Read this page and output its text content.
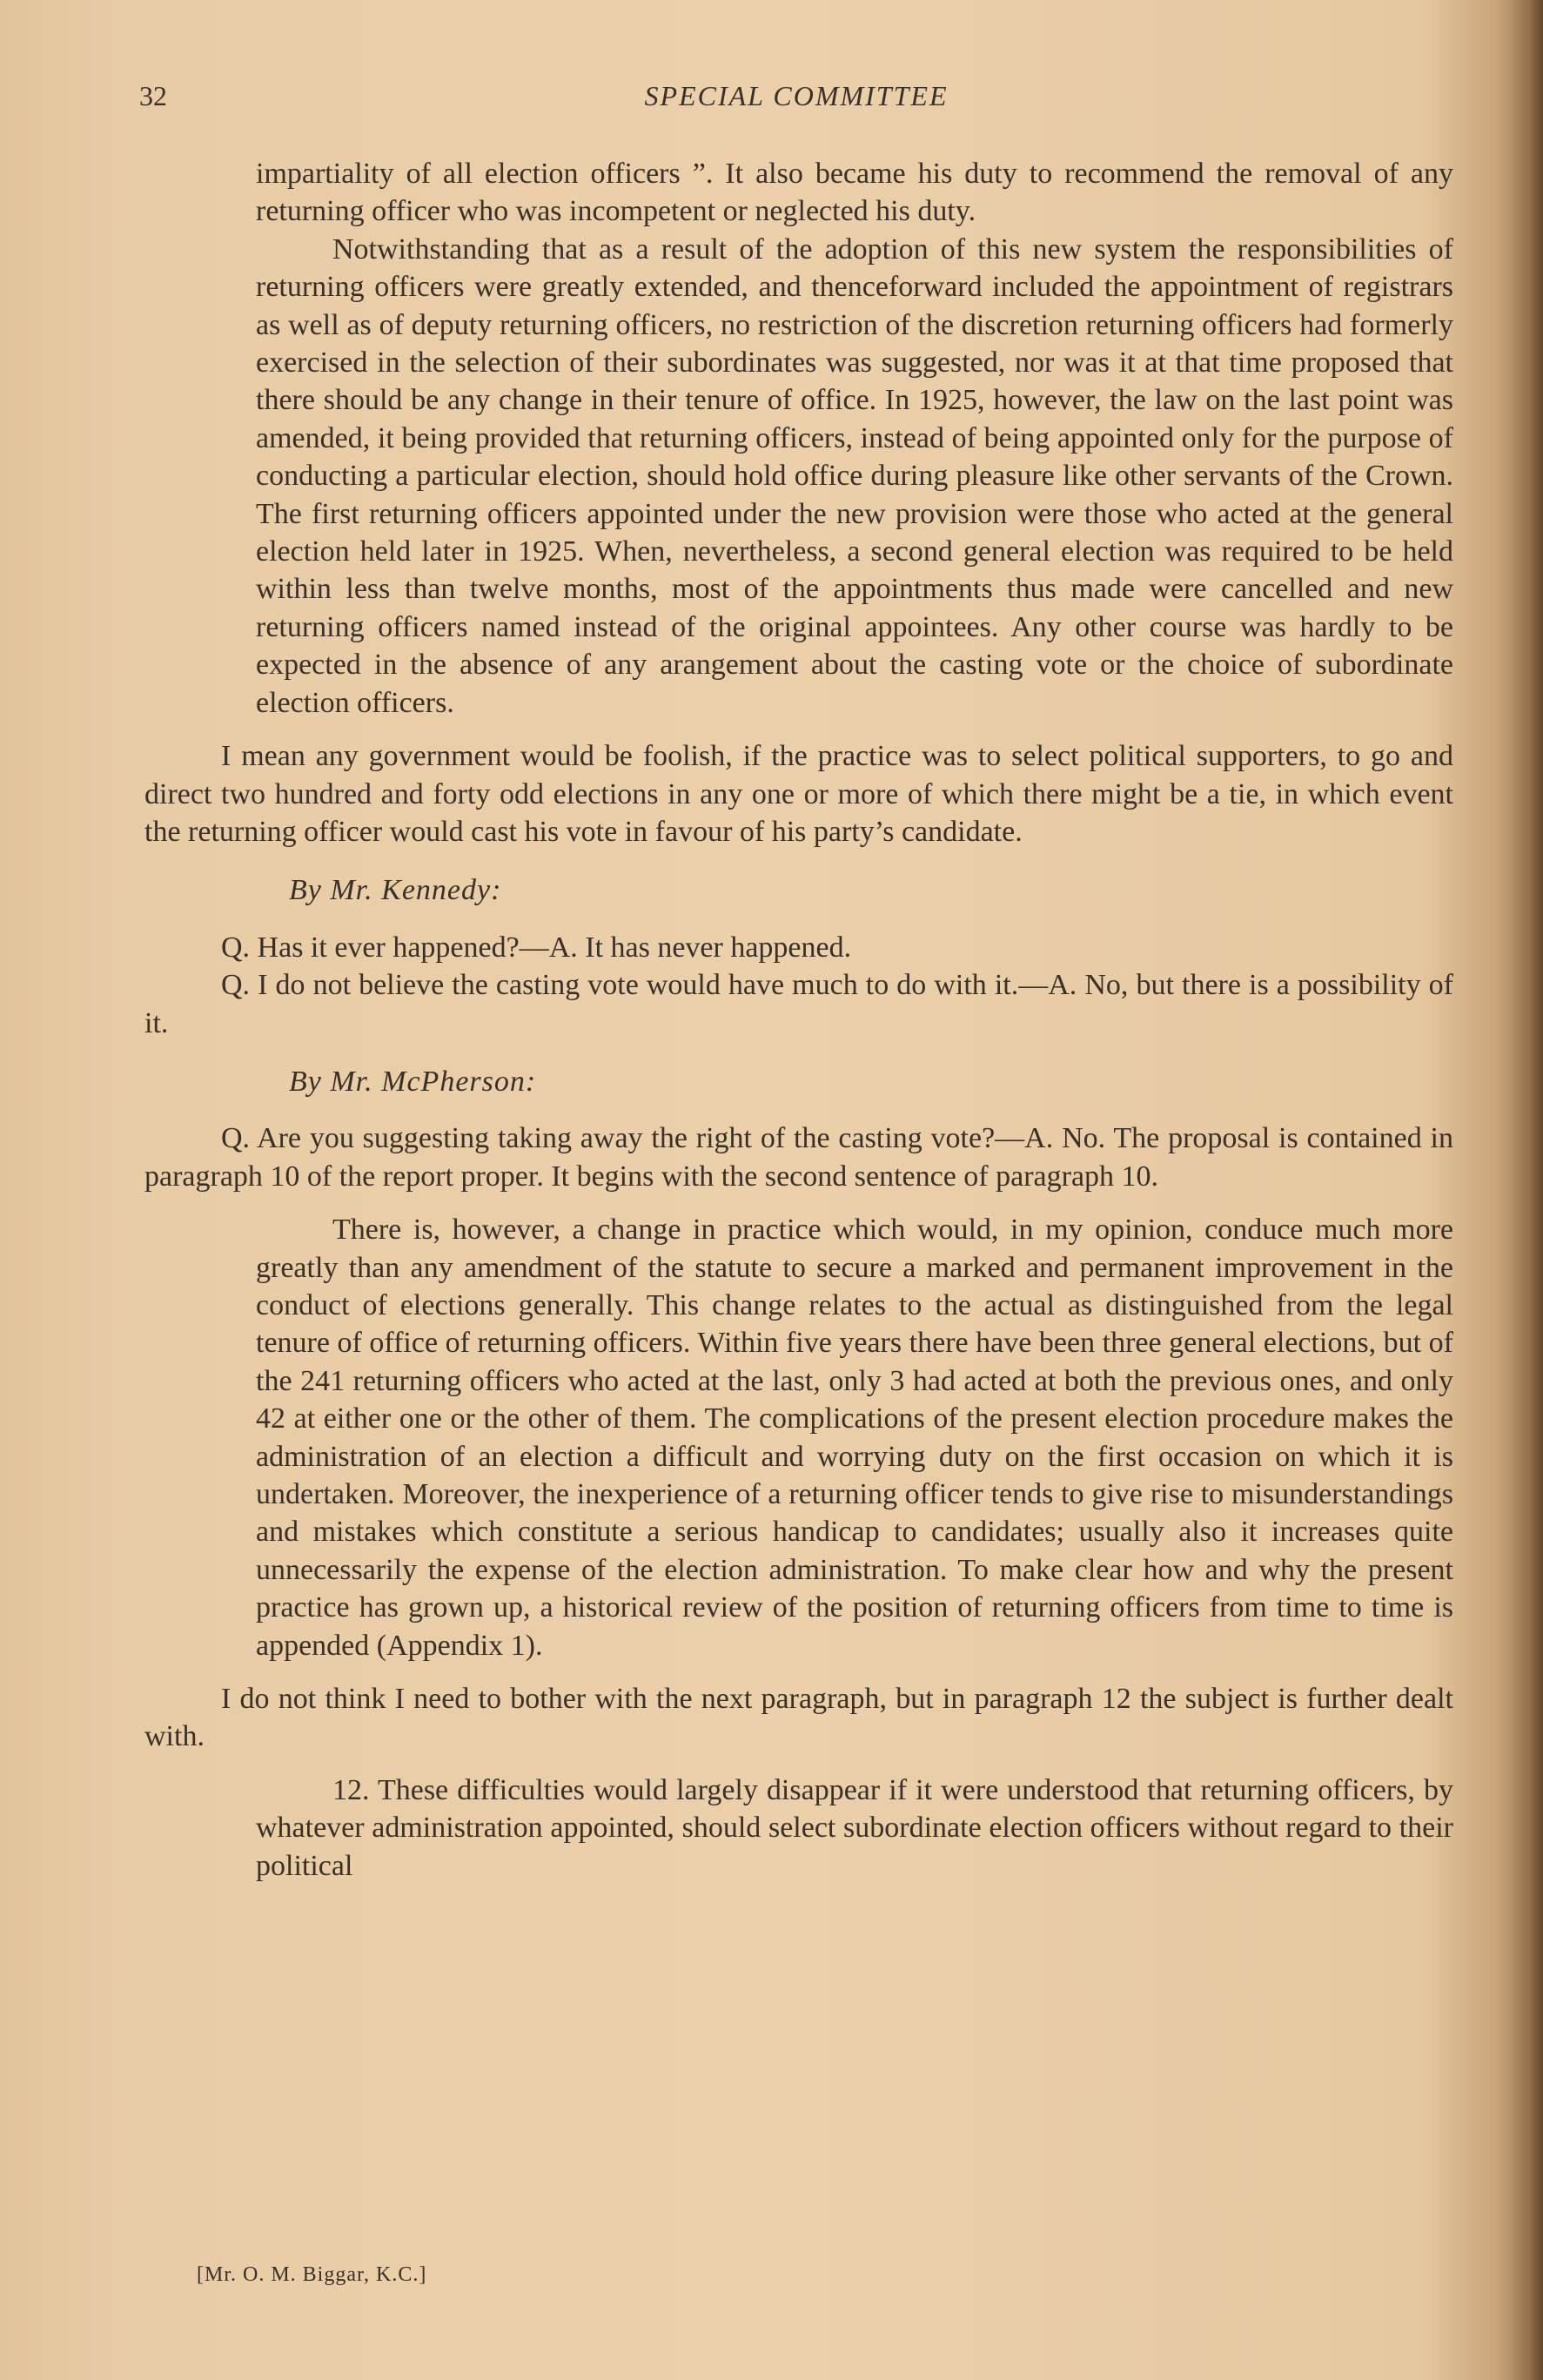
32	SPECIAL COMMITTEE

impartiality of all election officers ”. It also became his duty to recommend the removal of any returning officer who was incompetent or neglected his duty.

Notwithstanding that as a result of the adoption of this new system the responsibilities of returning officers were greatly extended, and thenceforward included the appointment of registrars as well as of deputy returning officers, no restriction of the discretion returning officers had formerly exercised in the selection of their subordinates was suggested, nor was it at that time proposed that there should be any change in their tenure of office. In 1925, however, the law on the last point was amended, it being provided that returning officers, instead of being appointed only for the purpose of conducting a particular election, should hold office during pleasure like other servants of the Crown. The first returning officers appointed under the new provision were those who acted at the general election held later in 1925. When, nevertheless, a second general election was required to be held within less than twelve months, most of the appointments thus made were cancelled and new returning officers named instead of the original appointees. Any other course was hardly to be expected in the absence of any arangement about the casting vote or the choice of subordinate election officers.

I mean any government would be foolish, if the practice was to select political supporters, to go and direct two hundred and forty odd elections in any one or more of which there might be a tie, in which event the returning officer would cast his vote in favour of his party’s candidate.

By Mr. Kennedy:

Q. Has it ever happened?—A. It has never happened.

Q. I do not believe the casting vote would have much to do with it.—A. No, but there is a possibility of it.

By Mr. McPherson:

Q. Are you suggesting taking away the right of the casting vote?—A. No. The proposal is contained in paragraph 10 of the report proper. It begins with the second sentence of paragraph 10.

There is, however, a change in practice which would, in my opinion, conduce much more greatly than any amendment of the statute to secure a marked and permanent improvement in the conduct of elections generally. This change relates to the actual as distinguished from the legal tenure of office of returning officers. Within five years there have been three general elections, but of the 241 returning officers who acted at the last, only 3 had acted at both the previous ones, and only 42 at either one or the other of them. The complications of the present election procedure makes the administration of an election a difficult and worrying duty on the first occasion on which it is undertaken. Moreover, the inexperience of a returning officer tends to give rise to misunderstandings and mistakes which constitute a serious handicap to candidates; usually also it increases quite unnecessarily the expense of the election administration. To make clear how and why the present practice has grown up, a historical review of the position of returning officers from time to time is appended (Appendix 1).

I do not think I need to bother with the next paragraph, but in paragraph 12 the subject is further dealt with.

12. These difficulties would largely disappear if it were understood that returning officers, by whatever administration appointed, should select subordinate election officers without regard to their political

[Mr. O. M. Biggar, K.C.]
